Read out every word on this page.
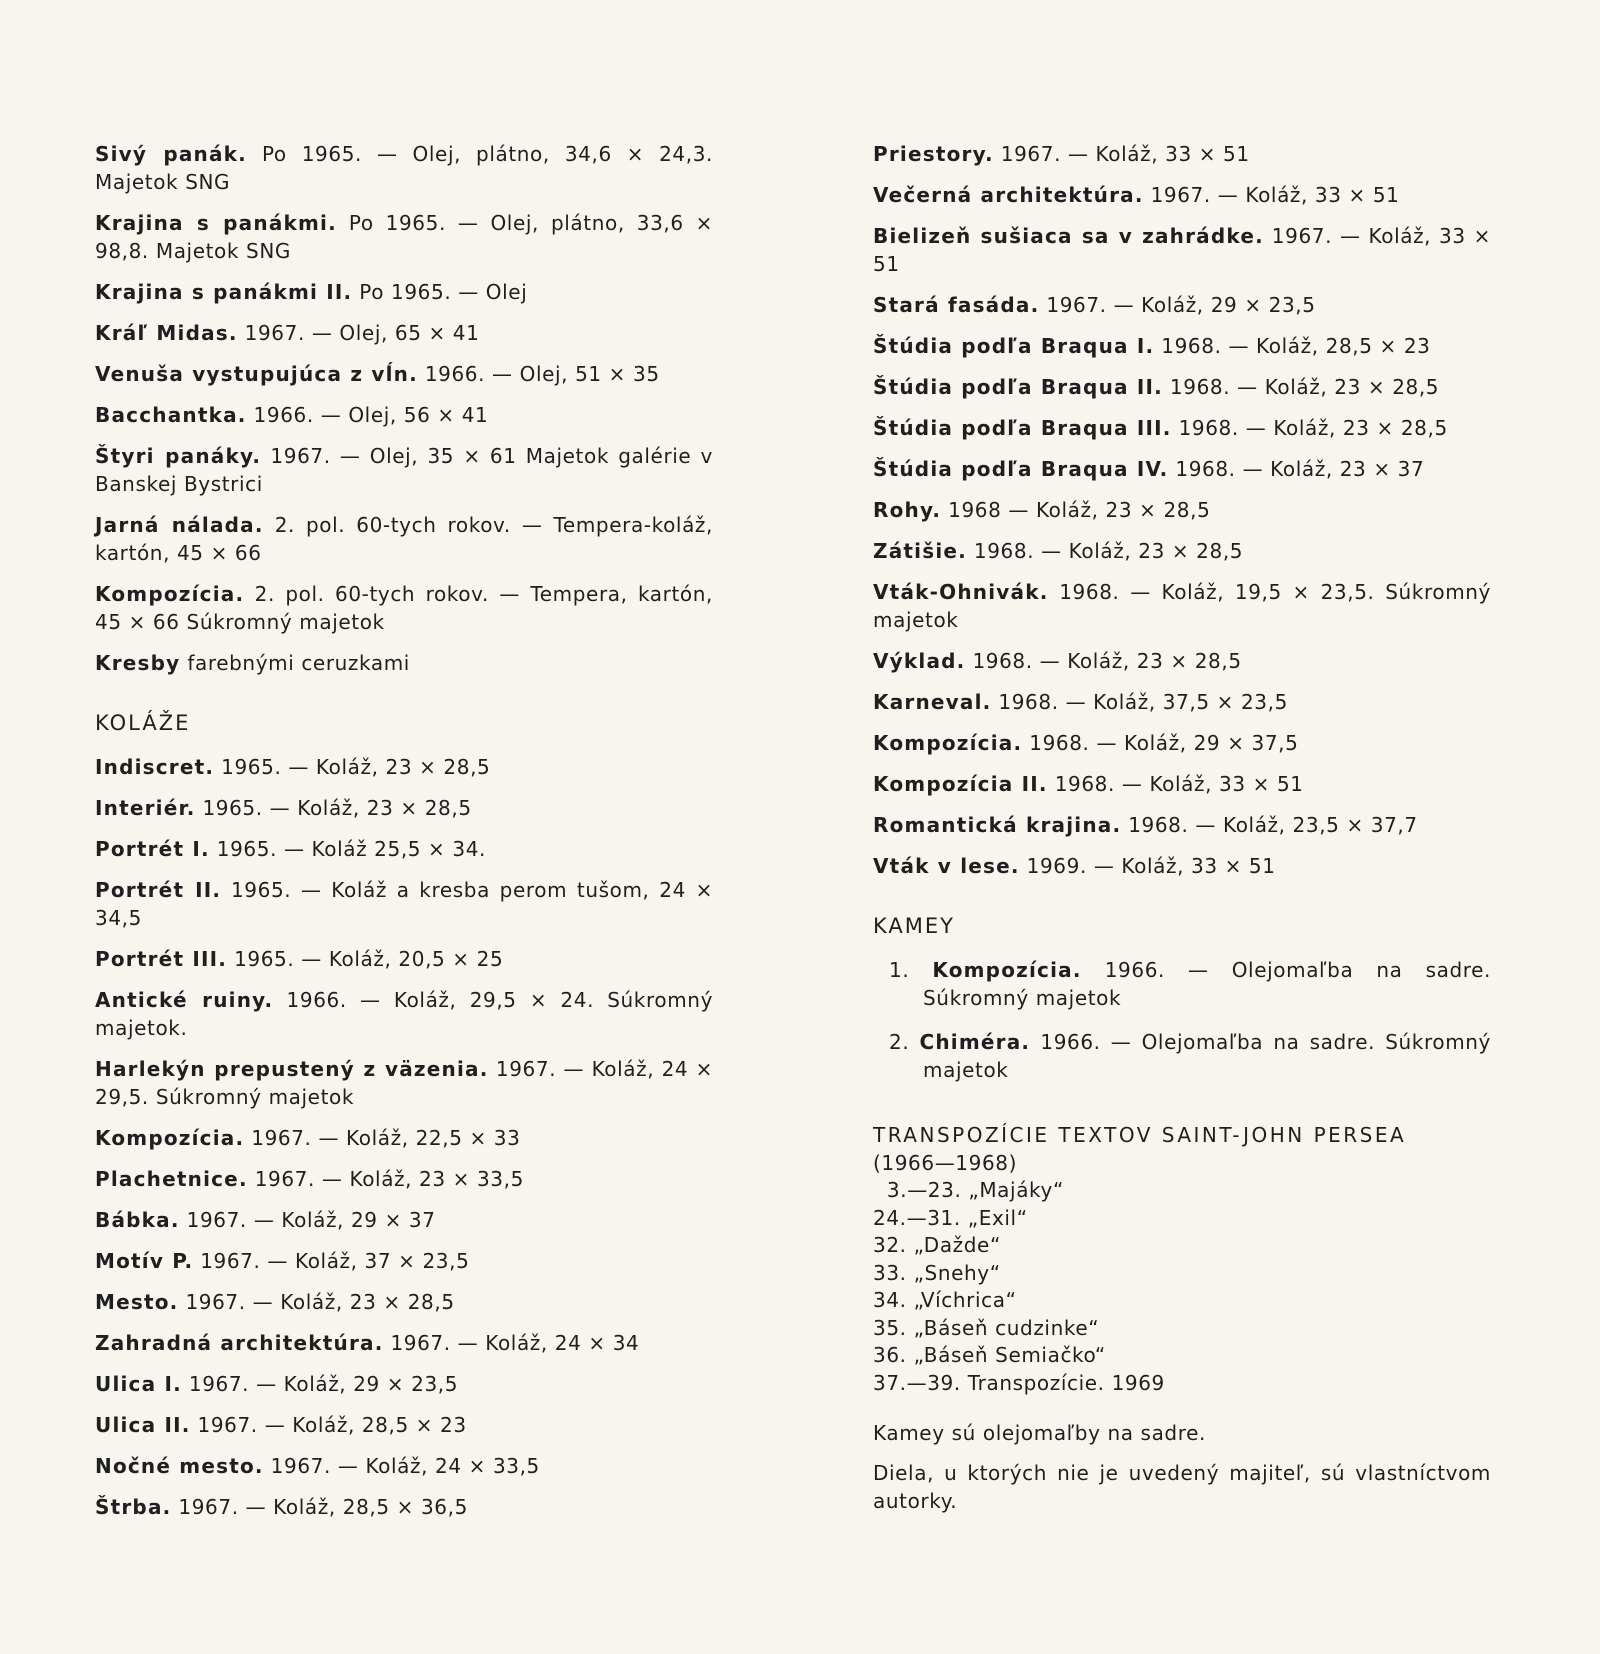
Sivý panák. Po 1965. — Olej, plátno, 34,6 × 24,3. Majetok SNG
Krajina s panákmi. Po 1965. — Olej, plátno, 33,6 × 98,8. Majetok SNG
Krajina s panákmi II. Po 1965. — Olej
Kráľ Midas. 1967. — Olej, 65 × 41
Venuša vystupujúca z vĺn. 1966. — Olej, 51 × 35
Bacchantka. 1966. — Olej, 56 × 41
Štyri panáky. 1967. — Olej, 35 × 61 Majetok galérie v Banskej Bystrici
Jarná nálada. 2. pol. 60-tych rokov. — Tempera-koláž, kartón, 45 × 66
Kompozícia. 2. pol. 60-tych rokov. — Tempera, kartón, 45 × 66 Súkromný majetok
Kresby farebnými ceruzkami
KOLÁŽE
Indiscret. 1965. — Koláž, 23 × 28,5
Interiér. 1965. — Koláž, 23 × 28,5
Portrét I. 1965. — Koláž 25,5 × 34.
Portrét II. 1965. — Koláž a kresba perom tušom, 24 × 34,5
Portrét III. 1965. — Koláž, 20,5 × 25
Antické ruiny. 1966. — Koláž, 29,5 × 24. Súkromný majetok.
Harlekýn prepustený z väzenia. 1967. — Koláž, 24 × 29,5. Súkromný majetok
Kompozícia. 1967. — Koláž, 22,5 × 33
Plachetnice. 1967. — Koláž, 23 × 33,5
Bábka. 1967. — Koláž, 29 × 37
Motív P. 1967. — Koláž, 37 × 23,5
Mesto. 1967. — Koláž, 23 × 28,5
Zahradná architektúra. 1967. — Koláž, 24 × 34
Ulica I. 1967. — Koláž, 29 × 23,5
Ulica II. 1967. — Koláž, 28,5 × 23
Nočné mesto. 1967. — Koláž, 24 × 33,5
Štrba. 1967. — Koláž, 28,5 × 36,5
Priestory. 1967. — Koláž, 33 × 51
Večerná architektúra. 1967. — Koláž, 33 × 51
Bielizeň sušiaca sa v zahrádke. 1967. — Koláž, 33 × 51
Stará fasáda. 1967. — Koláž, 29 × 23,5
Štúdia podľa Braqua I. 1968. — Koláž, 28,5 × 23
Štúdia podľa Braqua II. 1968. — Koláž, 23 × 28,5
Štúdia podľa Braqua III. 1968. — Koláž, 23 × 28,5
Štúdia podľa Braqua IV. 1968. — Koláž, 23 × 37
Rohy. 1968 — Koláž, 23 × 28,5
Zátišie. 1968. — Koláž, 23 × 28,5
Vták-Ohnivák. 1968. — Koláž, 19,5 × 23,5. Súkromný majetok
Výklad. 1968. — Koláž, 23 × 28,5
Karneval. 1968. — Koláž, 37,5 × 23,5
Kompozícia. 1968. — Koláž, 29 × 37,5
Kompozícia II. 1968. — Koláž, 33 × 51
Romantická krajina. 1968. — Koláž, 23,5 × 37,7
Vták v lese. 1969. — Koláž, 33 × 51
KAMEY
1. Kompozícia. 1966. — Olejomaľba na sadre. Súkromný majetok
2. Chiméra. 1966. — Olejomaľba na sadre. Súkromný majetok
TRANSPOZÍCIE TEXTOV SAINT-JOHN PERSEA
(1966—1968)
3.—23. „Majáky“
24.—31. „Exil“
32. „Dažde“
33. „Snehy“
34. „Víchrica“
35. „Báseň cudzinke“
36. „Báseň Semiačko“
37.—39. Transpozície. 1969

Kamey sú olejomaľby na sadre.

Diela, u ktorých nie je uvedený majiteľ, sú vlastníctvom autorky.
